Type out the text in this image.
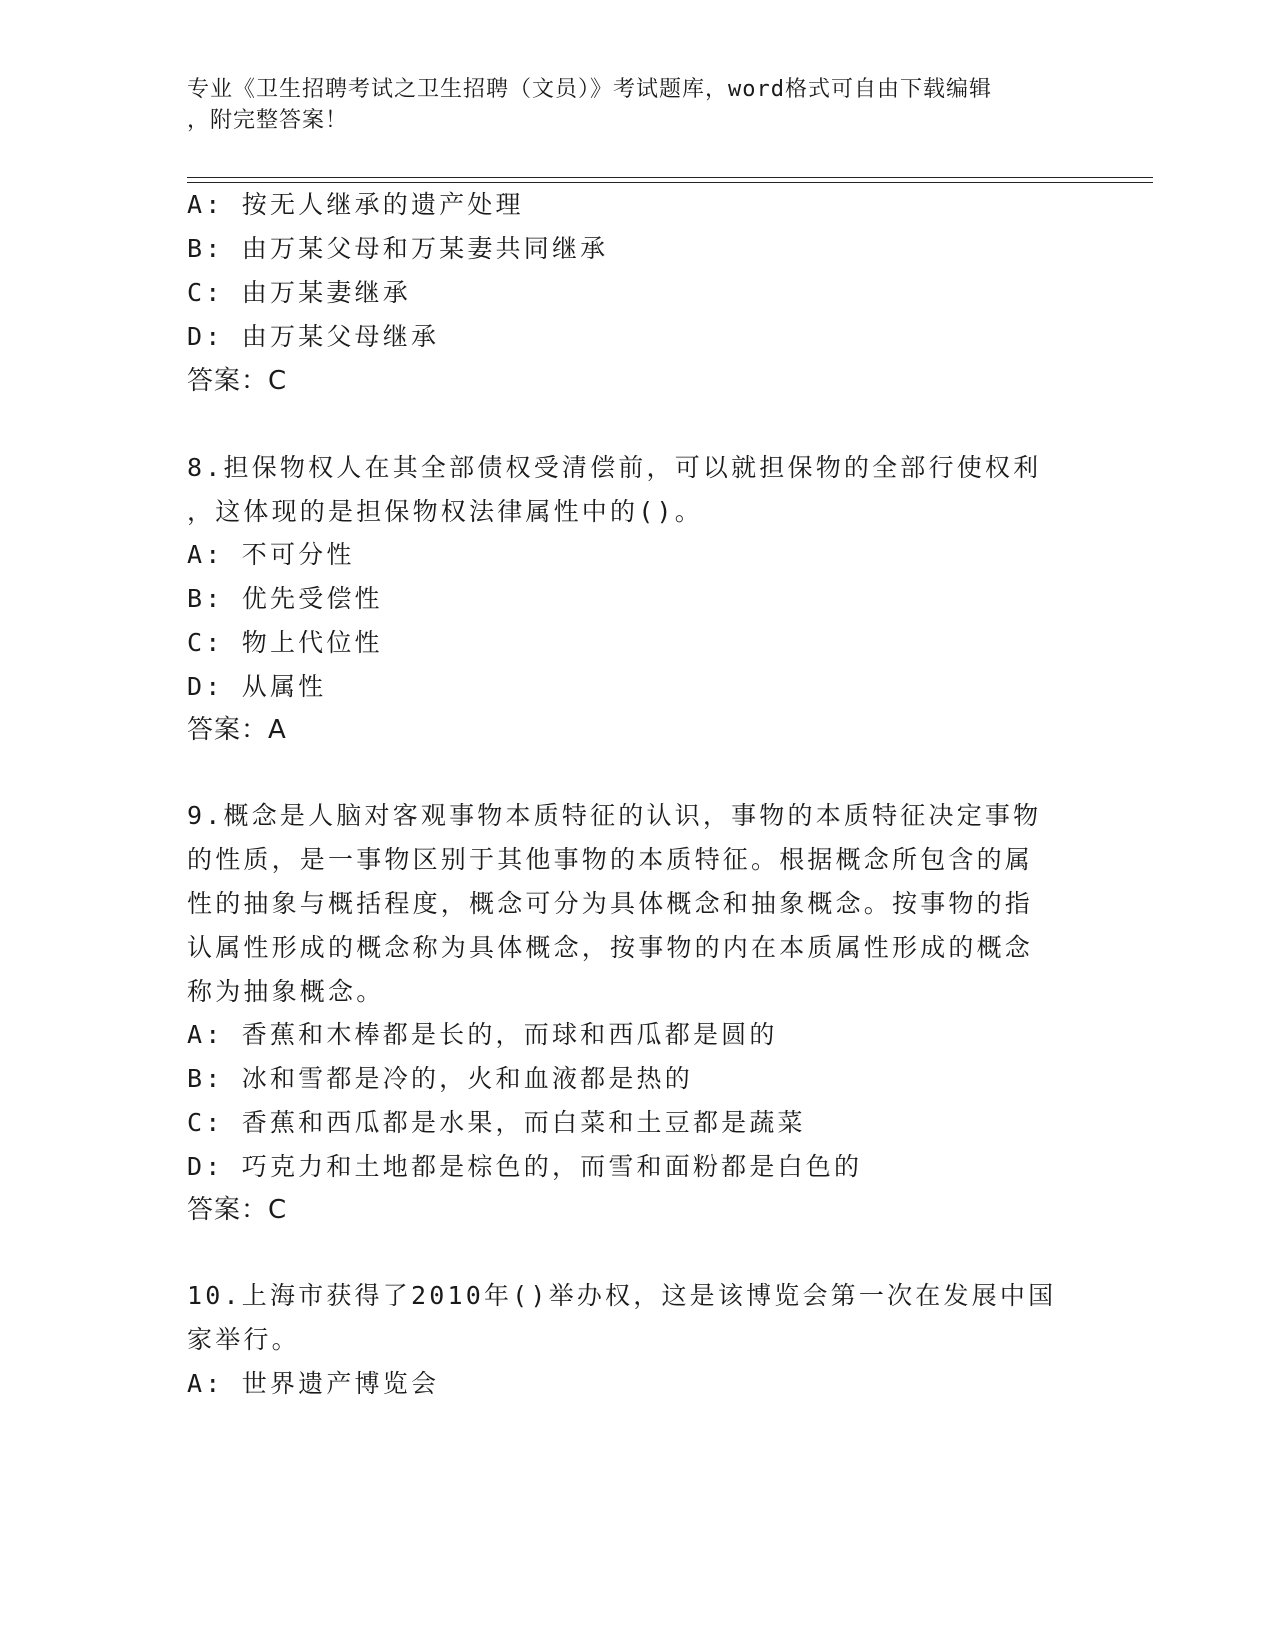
专业《卫生招聘考试之卫生招聘（文员）》考试题库，word格式可自由下载编辑
，附完整答案！
A: 按无人继承的遗产处理
B: 由万某父母和万某妻共同继承
C: 由万某妻继承
D: 由万某父母继承
答案：C
8.担保物权人在其全部债权受清偿前，可以就担保物的全部行使权利
，这体现的是担保物权法律属性中的()。
A: 不可分性
B: 优先受偿性
C: 物上代位性
D: 从属性
答案：A
9.概念是人脑对客观事物本质特征的认识，事物的本质特征决定事物
的性质，是一事物区别于其他事物的本质特征。根据概念所包含的属
性的抽象与概括程度，概念可分为具体概念和抽象概念。按事物的指
认属性形成的概念称为具体概念，按事物的内在本质属性形成的概念
称为抽象概念。
A: 香蕉和木棒都是长的，而球和西瓜都是圆的
B: 冰和雪都是冷的，火和血液都是热的
C: 香蕉和西瓜都是水果，而白菜和土豆都是蔬菜
D: 巧克力和土地都是棕色的，而雪和面粉都是白色的
答案：C
10.上海市获得了2010年()举办权，这是该博览会第一次在发展中国
家举行。
A: 世界遗产博览会
